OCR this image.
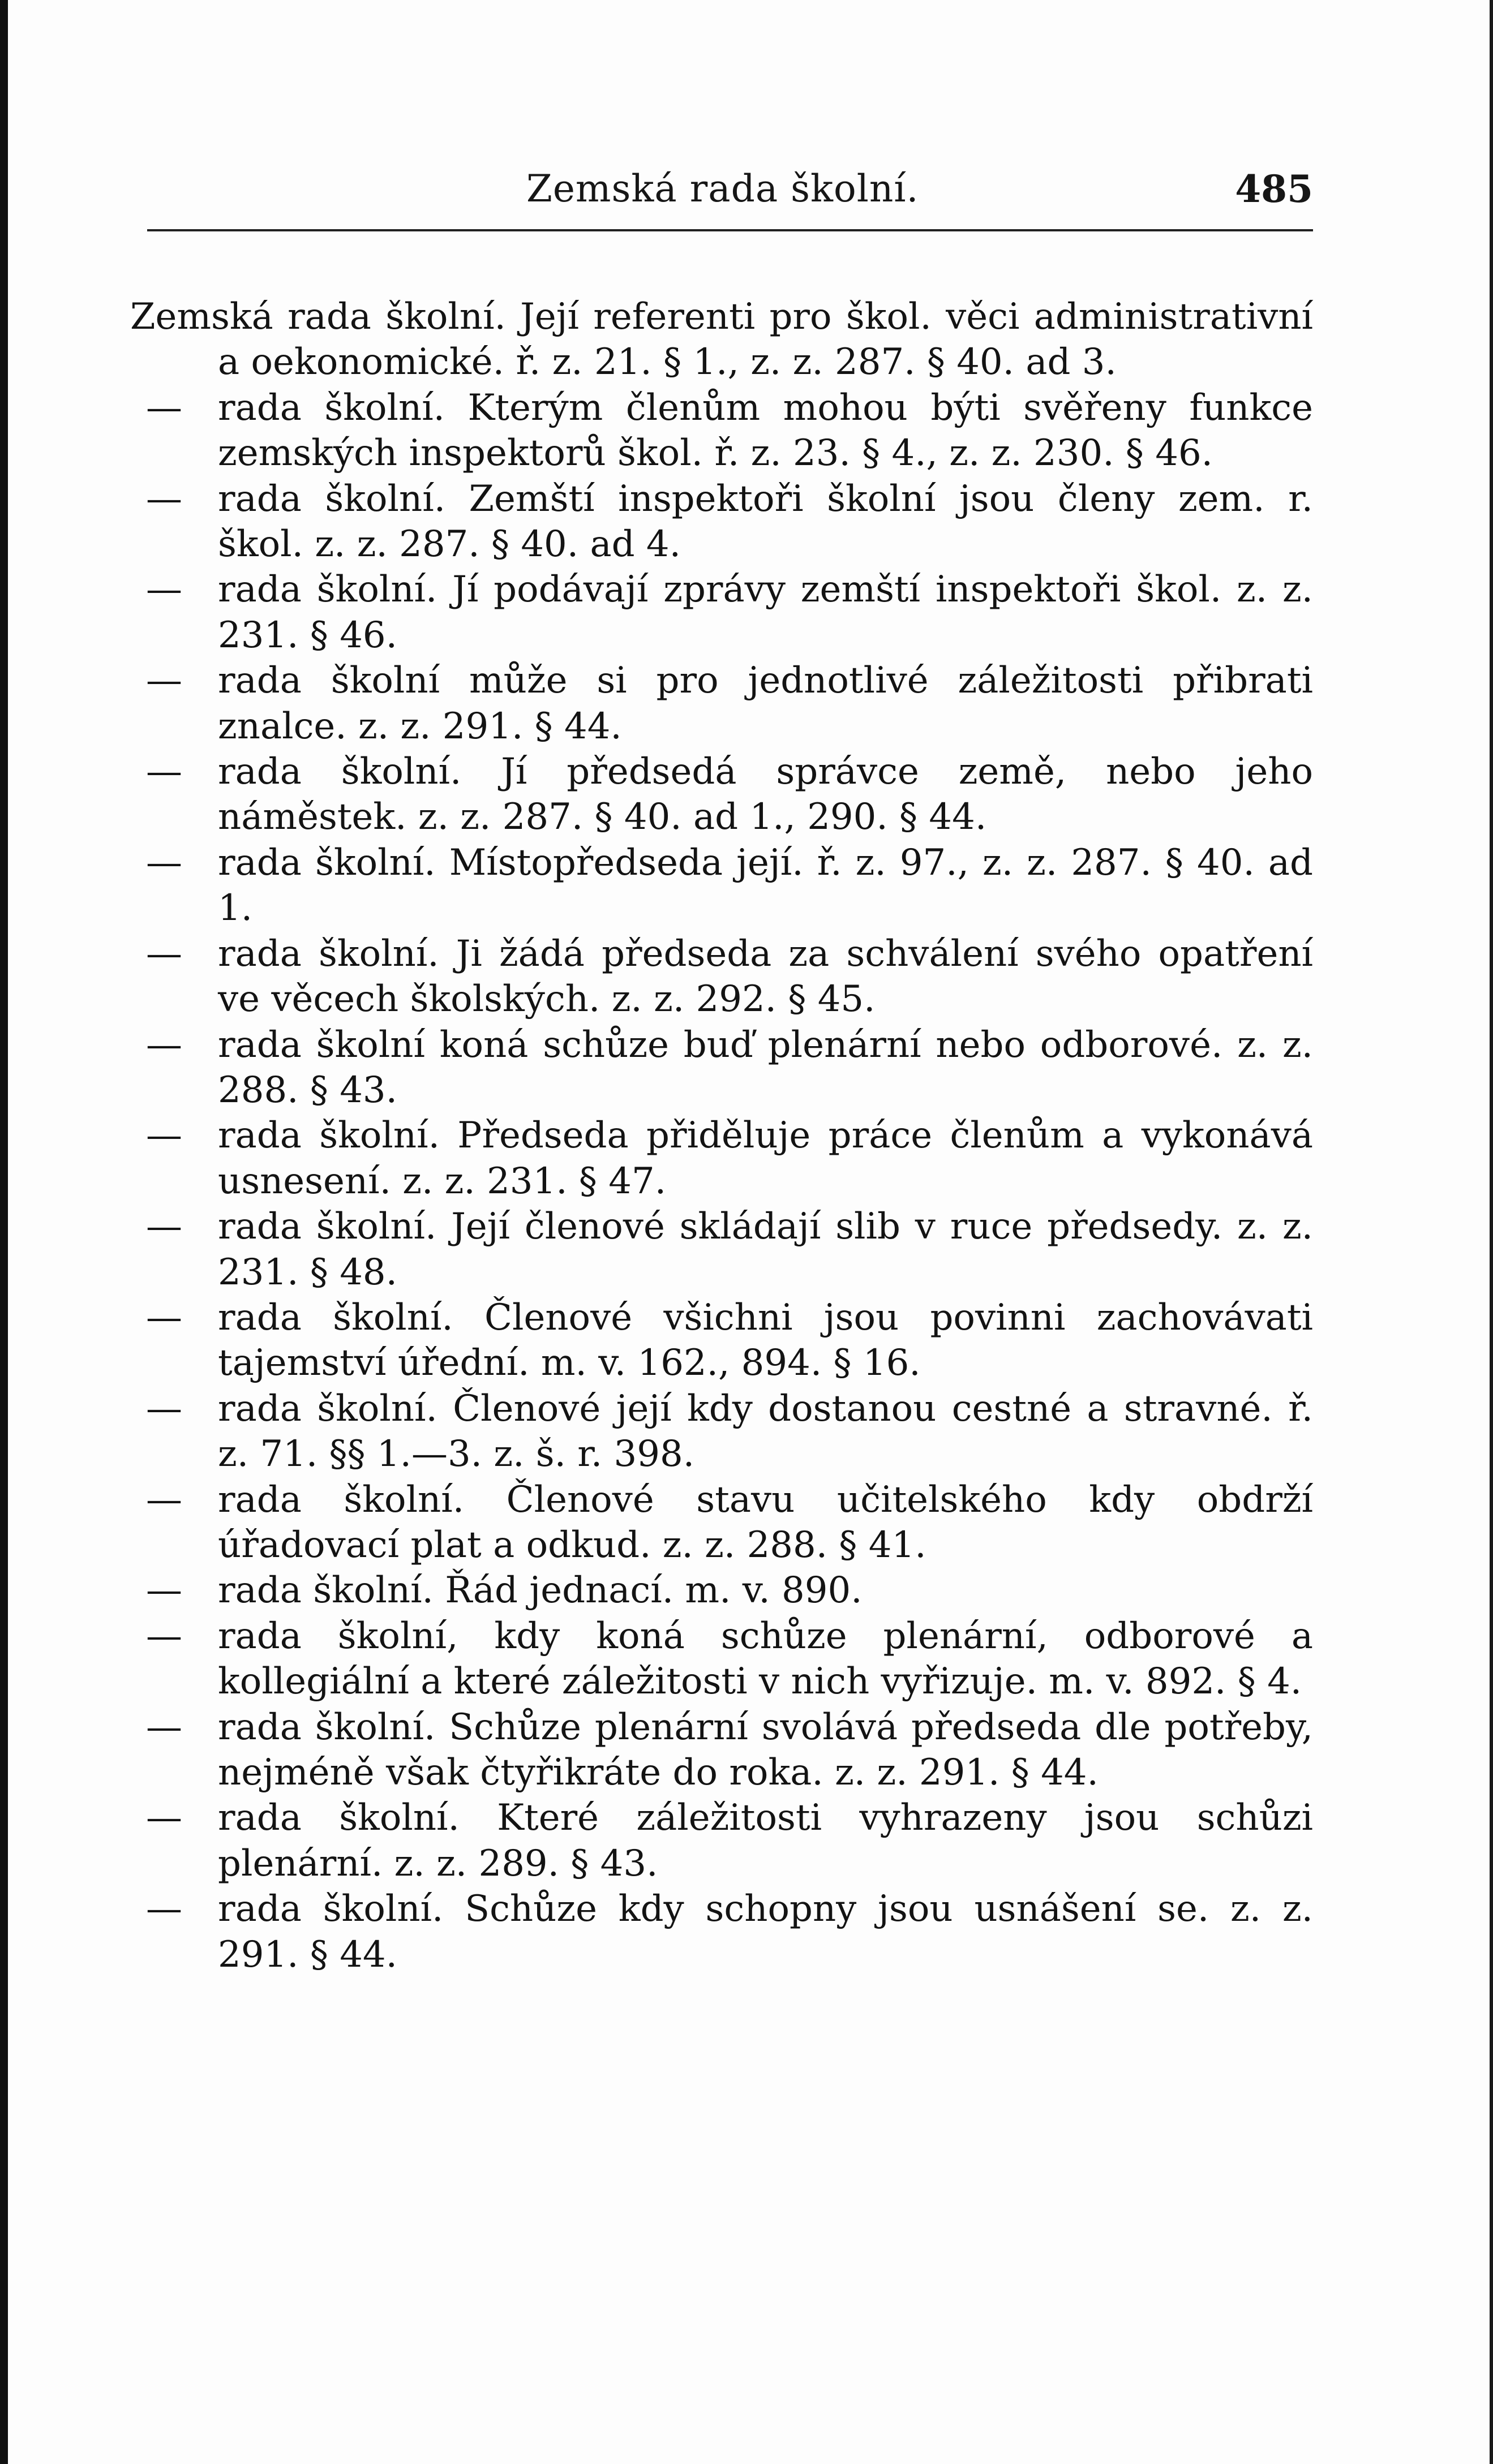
Zemská rada školní.	485
Zemská rada školní. Její referenti pro škol. věci administrativní a oekonomické. ř. z. 21. § 1., z. z. 287. § 40. ad 3.
— rada školní. Kterým členům mohou býti svěřeny funkce zemských inspektorů škol. ř. z. 23. § 4., z. z. 230. § 46.
— rada školní. Zemští inspektoři školní jsou členy zem. r. škol. z. z. 287. § 40. ad 4.
— rada školní. Jí podávají zprávy zemští inspektoři škol. z. z. 231. § 46.
— rada školní může si pro jednotlivé záležitosti přibrati znalce. z. z. 291. § 44.
— rada školní. Jí předsedá správce země, nebo jeho náměstek. z. z. 287. § 40. ad 1., 290. § 44.
— rada školní. Místopředseda její. ř. z. 97., z. z. 287. § 40. ad 1.
— rada školní. Ji žádá předseda za schválení svého opatření ve věcech školských. z. z. 292. § 45.
— rada školní koná schůze buď plenární nebo odborové. z. z. 288. § 43.
— rada školní. Předseda přiděluje práce členům a vykonává usnesení. z. z. 231. § 47.
— rada školní. Její členové skládají slib v ruce předsedy. z. z. 231. § 48.
— rada školní. Členové všichni jsou povinni zachovávati tajemství úřední. m. v. 162., 894. § 16.
— rada školní. Členové její kdy dostanou cestné a stravné. ř. z. 71. §§ 1.—3. z. š. r. 398.
— rada školní. Členové stavu učitelského kdy obdrží úřadovací plat a odkud. z. z. 288. § 41.
— rada školní. Řád jednací. m. v. 890.
— rada školní, kdy koná schůze plenární, odborové a kollegiální a které záležitosti v nich vyřizuje. m. v. 892. § 4.
— rada školní. Schůze plenární svolává předseda dle potřeby, nejméně však čtyřikráte do roka. z. z. 291. § 44.
— rada školní. Které záležitosti vyhrazeny jsou schůzi plenární. z. z. 289. § 43.
— rada školní. Schůze kdy schopny jsou usnášení se. z. z. 291. § 44.
